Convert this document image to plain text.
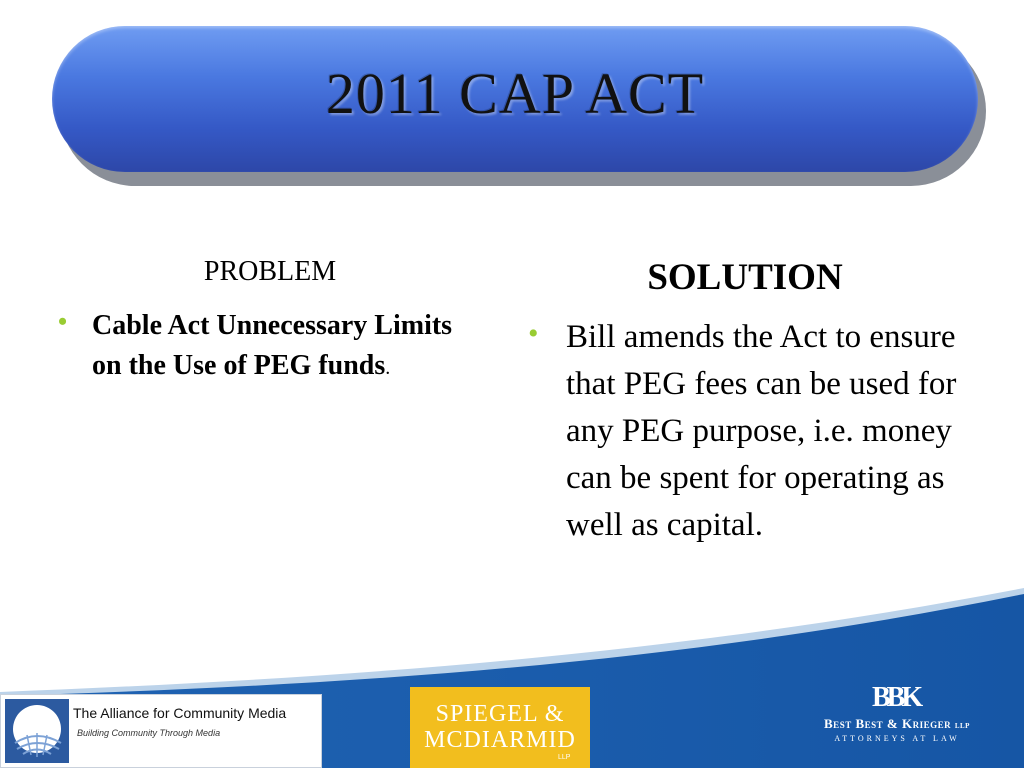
2011 CAP ACT
PROBLEM
• Cable Act Unnecessary Limits on the Use of PEG funds.
SOLUTION
• Bill amends the Act to ensure that PEG fees can be used for any PEG purpose, i.e. money can be spent for operating as well as capital.
The Alliance for Community Media
Building Community Through Media
SPIEGEL &
MCDIARMID
LLP
BBK
Best Best & Krieger LLP
ATTORNEYS AT LAW
